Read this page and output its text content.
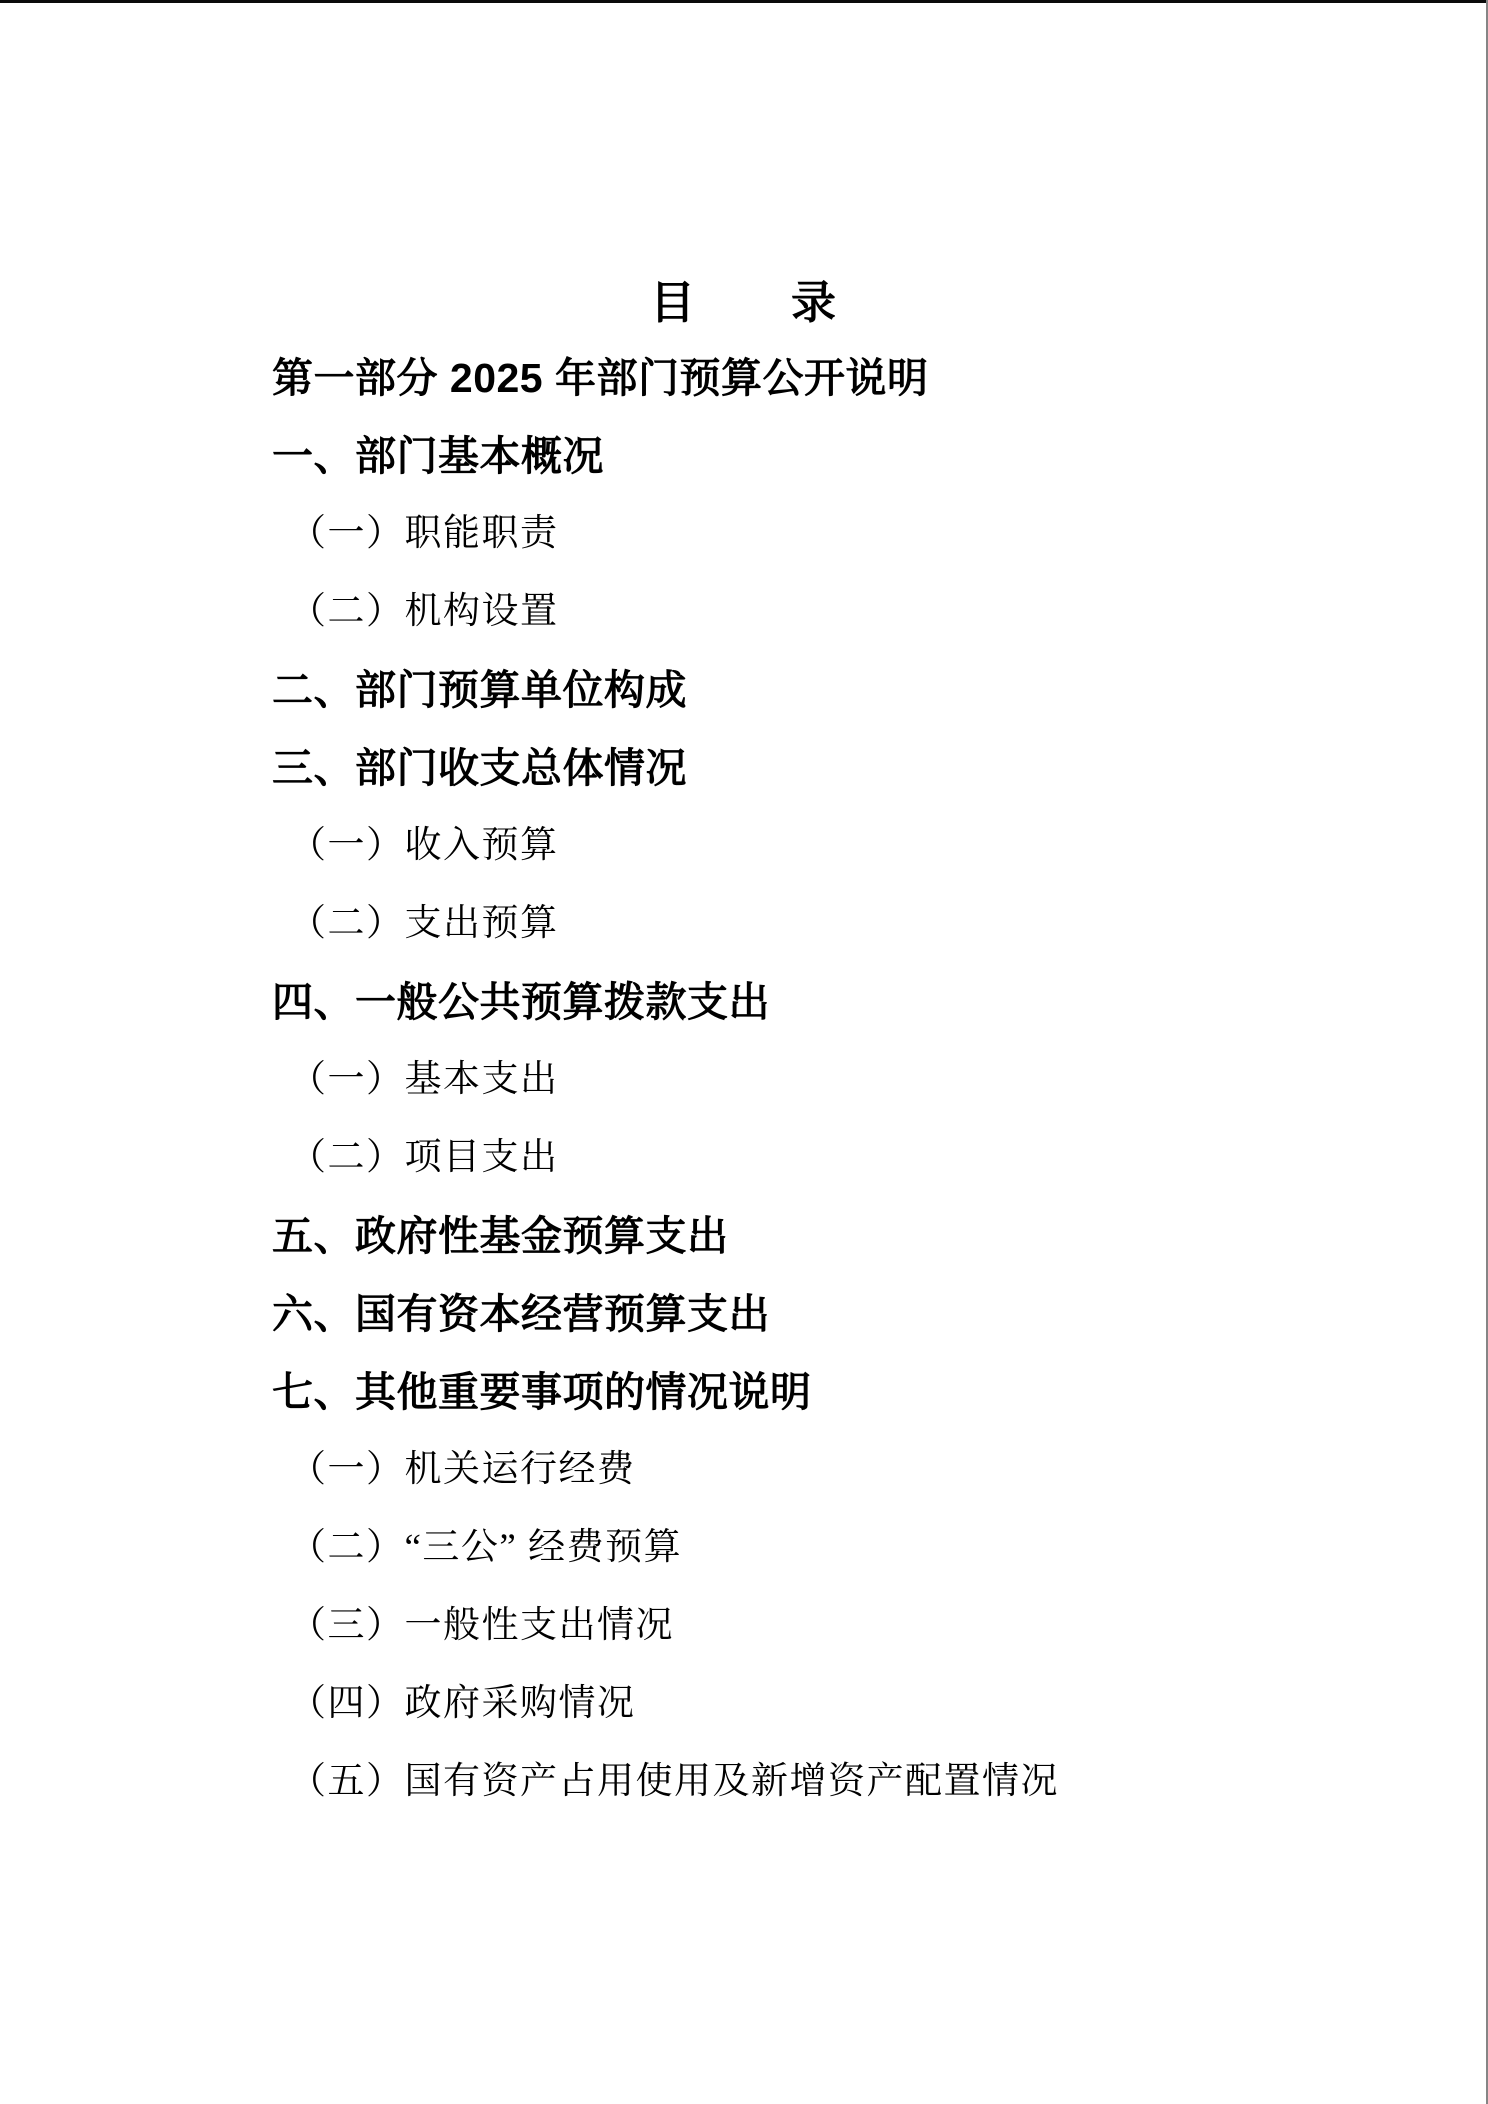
目　　录
第一部分 2025 年部门预算公开说明
一、部门基本概况
（一）职能职责
（二）机构设置
二、部门预算单位构成
三、部门收支总体情况
（一）收入预算
（二）支出预算
四、一般公共预算拨款支出
（一）基本支出
（二）项目支出
五、政府性基金预算支出
六、国有资本经营预算支出
七、其他重要事项的情况说明
（一）机关运行经费
（二）“三公” 经费预算
（三）一般性支出情况
（四）政府采购情况
（五）国有资产占用使用及新增资产配置情况
